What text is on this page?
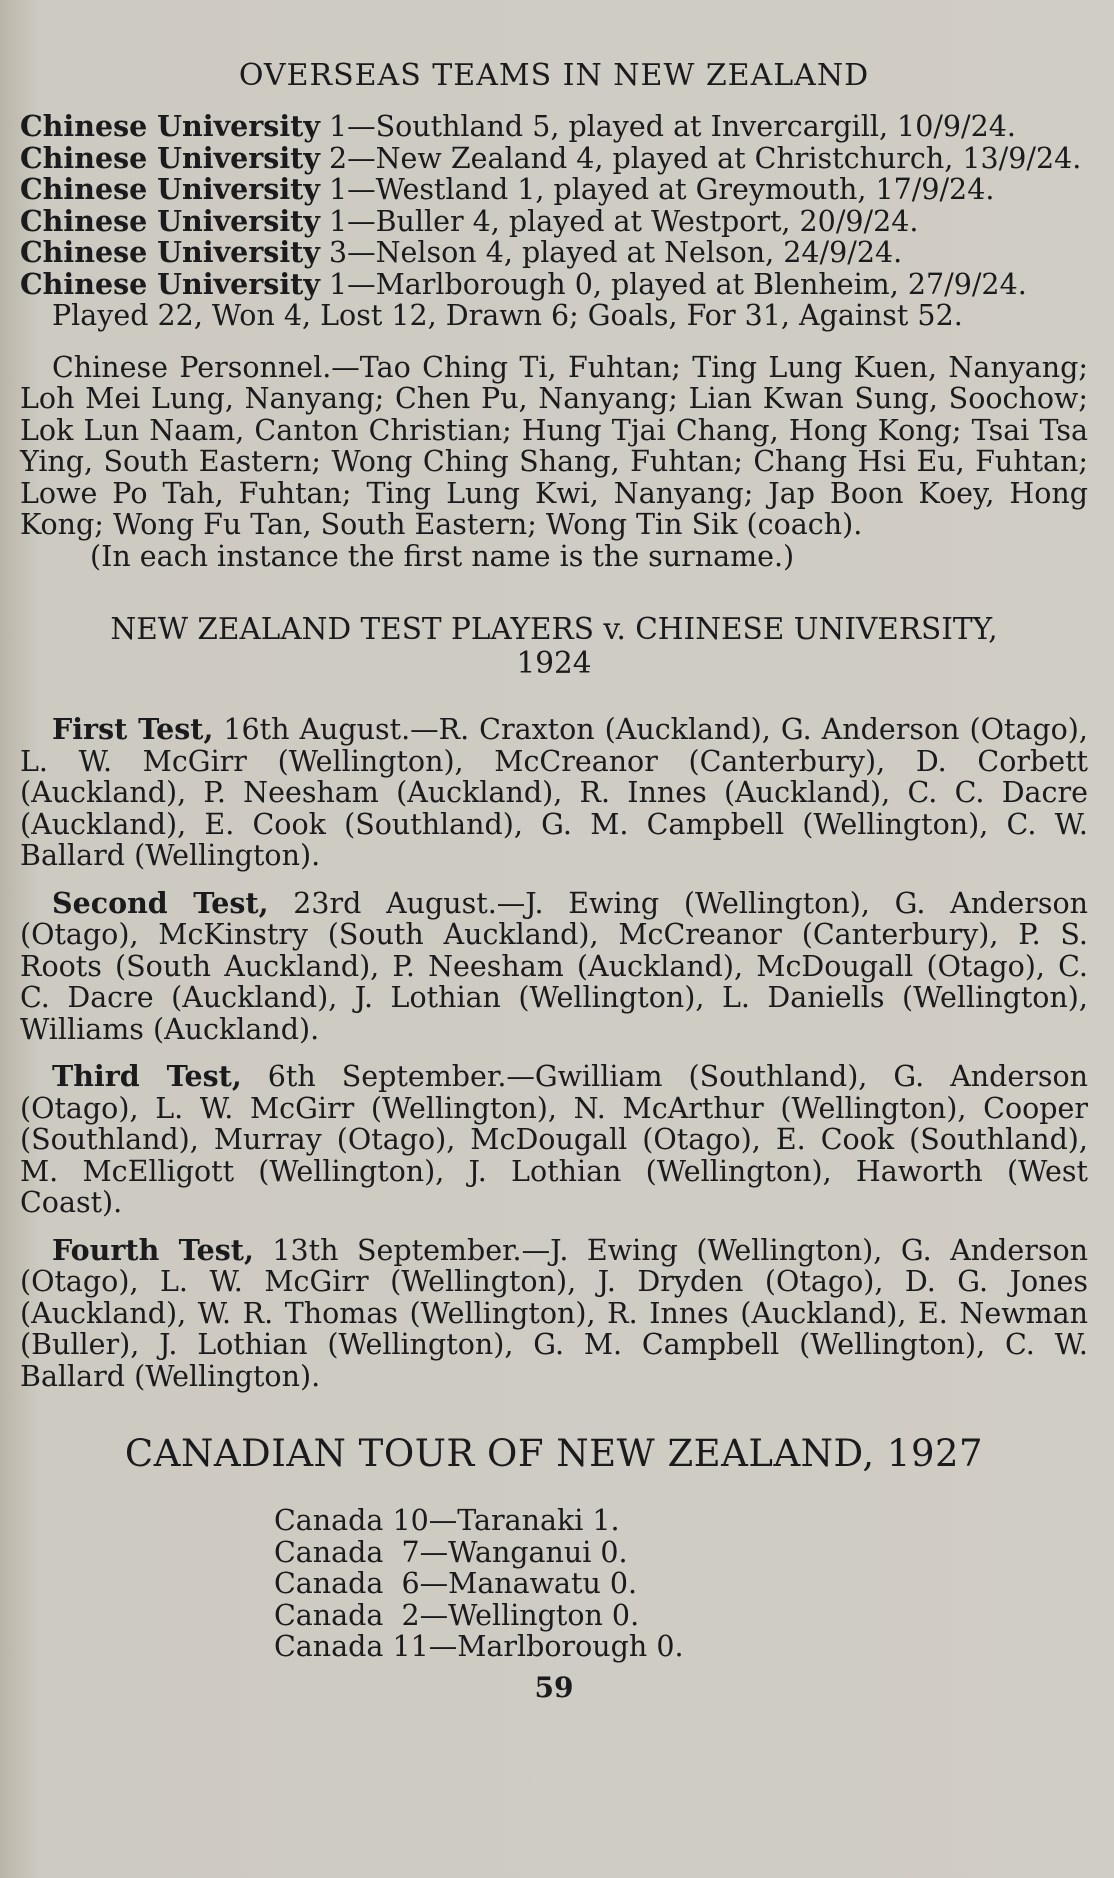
OVERSEAS TEAMS IN NEW ZEALAND
Chinese University 1—Southland 5, played at Invercargill, 10/9/24.
Chinese University 2—New Zealand 4, played at Christchurch, 13/9/24.
Chinese University 1—Westland 1, played at Greymouth, 17/9/24.
Chinese University 1—Buller 4, played at Westport, 20/9/24.
Chinese University 3—Nelson 4, played at Nelson, 24/9/24.
Chinese University 1—Marlborough 0, played at Blenheim, 27/9/24.
Played 22, Won 4, Lost 12, Drawn 6; Goals, For 31, Against 52.

Chinese Personnel.—Tao Ching Ti, Fuhtan; Ting Lung Kuen, Nanyang; Loh Mei Lung, Nanyang; Chen Pu, Nanyang; Lian Kwan Sung, Soochow; Lok Lun Naam, Canton Christian; Hung Tjai Chang, Hong Kong; Tsai Tsa Ying, South Eastern; Wong Ching Shang, Fuhtan; Chang Hsi Eu, Fuhtan; Lowe Po Tah, Fuhtan; Ting Lung Kwi, Nanyang; Jap Boon Koey, Hong Kong; Wong Fu Tan, South Eastern; Wong Tin Sik (coach).

(In each instance the first name is the surname.)
NEW ZEALAND TEST PLAYERS v. CHINESE UNIVERSITY,
1924

First Test, 16th August.—R. Craxton (Auckland), G. Anderson (Otago), L. W. McGirr (Wellington), McCreanor (Canterbury), D. Corbett (Auckland), P. Neesham (Auckland), R. Innes (Auckland), C. C. Dacre (Auckland), E. Cook (Southland), G. M. Campbell (Wellington), C. W. Ballard (Wellington).

Second Test, 23rd August.—J. Ewing (Wellington), G. Anderson (Otago), McKinstry (South Auckland), McCreanor (Canterbury), P. S. Roots (South Auckland), P. Neesham (Auckland), McDougall (Otago), C. C. Dacre (Auckland), J. Lothian (Wellington), L. Daniells (Wellington), Williams (Auckland).

Third Test, 6th September.—Gwilliam (Southland), G. Anderson (Otago), L. W. McGirr (Wellington), N. McArthur (Wellington), Cooper (Southland), Murray (Otago), McDougall (Otago), E. Cook (Southland), M. McElligott (Wellington), J. Lothian (Wellington), Haworth (West Coast).

Fourth Test, 13th September.—J. Ewing (Wellington), G. Anderson (Otago), L. W. McGirr (Wellington), J. Dryden (Otago), D. G. Jones (Auckland), W. R. Thomas (Wellington), R. Innes (Auckland), E. Newman (Buller), J. Lothian (Wellington), G. M. Campbell (Wellington), C. W. Ballard (Wellington).

CANADIAN TOUR OF NEW ZEALAND, 1927
Canada 10—Taranaki 1.
Canada  7—Wanganui 0.
Canada  6—Manawatu 0.
Canada  2—Wellington 0.
Canada 11—Marlborough 0.
59
